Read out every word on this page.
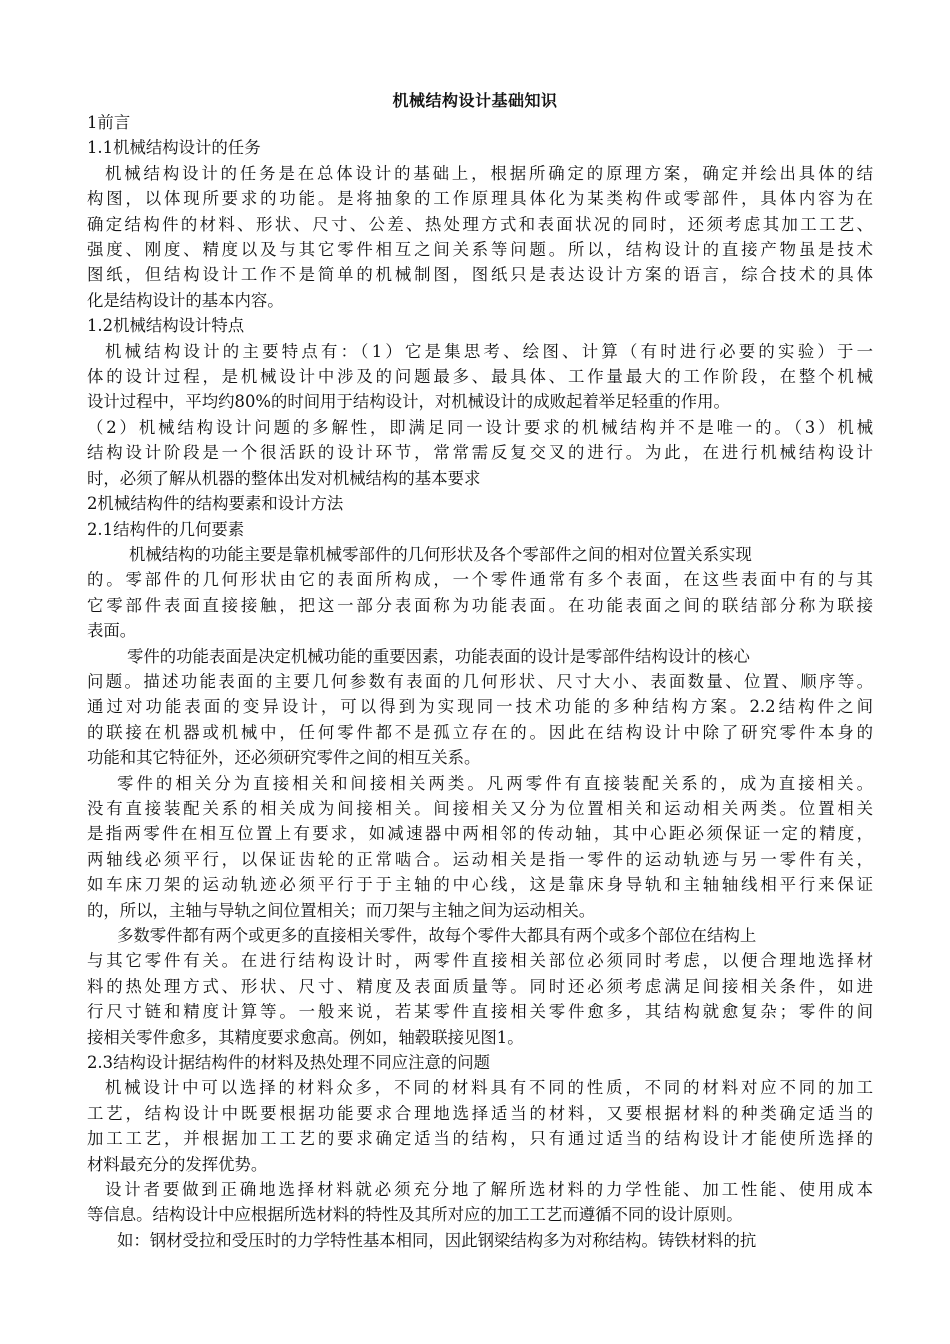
机械结构设计基础知识

1前言

1.1机械结构设计的任务

机械结构设计的任务是在总体设计的基础上，根据所确定的原理方案，确定并绘出具体的结

构图，以体现所要求的功能。是将抽象的工作原理具体化为某类构件或零部件，具体内容为在

确定结构件的材料、形状、尺寸、公差、热处理方式和表面状况的同时，还须考虑其加工工艺、

强度、刚度、精度以及与其它零件相互之间关系等问题。所以，结构设计的直接产物虽是技术

图纸，但结构设计工作不是简单的机械制图，图纸只是表达设计方案的语言，综合技术的具体

化是结构设计的基本内容。

1.2机械结构设计特点

机械结构设计的主要特点有：（1）它是集思考、绘图、计算（有时进行必要的实验）于一

体的设计过程，是机械设计中涉及的问题最多、最具体、工作量最大的工作阶段，在整个机械

设计过程中，平均约80%的时间用于结构设计，对机械设计的成败起着举足轻重的作用。

（2）机械结构设计问题的多解性，即满足同一设计要求的机械结构并不是唯一的。（3）机械

结构设计阶段是一个很活跃的设计环节，常常需反复交叉的进行。为此，在进行机械结构设计

时，必须了解从机器的整体出发对机械结构的基本要求

2机械结构件的结构要素和设计方法

2.1结构件的几何要素

机械结构的功能主要是靠机械零部件的几何形状及各个零部件之间的相对位置关系实现

的。零部件的几何形状由它的表面所构成，一个零件通常有多个表面，在这些表面中有的与其

它零部件表面直接接触，把这一部分表面称为功能表面。在功能表面之间的联结部分称为联接

表面。

零件的功能表面是决定机械功能的重要因素，功能表面的设计是零部件结构设计的核心

问题。描述功能表面的主要几何参数有表面的几何形状、尺寸大小、表面数量、位置、顺序等。

通过对功能表面的变异设计，可以得到为实现同一技术功能的多种结构方案。2.2结构件之间

的联接在机器或机械中，任何零件都不是孤立存在的。因此在结构设计中除了研究零件本身的

功能和其它特征外，还必须研究零件之间的相互关系。

零件的相关分为直接相关和间接相关两类。凡两零件有直接装配关系的，成为直接相关。

没有直接装配关系的相关成为间接相关。间接相关又分为位置相关和运动相关两类。位置相关

是指两零件在相互位置上有要求，如减速器中两相邻的传动轴，其中心距必须保证一定的精度，

两轴线必须平行，以保证齿轮的正常啮合。运动相关是指一零件的运动轨迹与另一零件有关，

如车床刀架的运动轨迹必须平行于于主轴的中心线，这是靠床身导轨和主轴轴线相平行来保证

的，所以，主轴与导轨之间位置相关；而刀架与主轴之间为运动相关。

多数零件都有两个或更多的直接相关零件，故每个零件大都具有两个或多个部位在结构上

与其它零件有关。在进行结构设计时，两零件直接相关部位必须同时考虑，以便合理地选择材

料的热处理方式、形状、尺寸、精度及表面质量等。同时还必须考虑满足间接相关条件，如进

行尺寸链和精度计算等。一般来说，若某零件直接相关零件愈多，其结构就愈复杂；零件的间

接相关零件愈多，其精度要求愈高。例如，轴毂联接见图1。

2.3结构设计据结构件的材料及热处理不同应注意的问题

机械设计中可以选择的材料众多，不同的材料具有不同的性质，不同的材料对应不同的加工

工艺，结构设计中既要根据功能要求合理地选择适当的材料，又要根据材料的种类确定适当的

加工工艺，并根据加工工艺的要求确定适当的结构，只有通过适当的结构设计才能使所选择的

材料最充分的发挥优势。

设计者要做到正确地选择材料就必须充分地了解所选材料的力学性能、加工性能、使用成本

等信息。结构设计中应根据所选材料的特性及其所对应的加工工艺而遵循不同的设计原则。

如：钢材受拉和受压时的力学特性基本相同，因此钢梁结构多为对称结构。铸铁材料的抗
